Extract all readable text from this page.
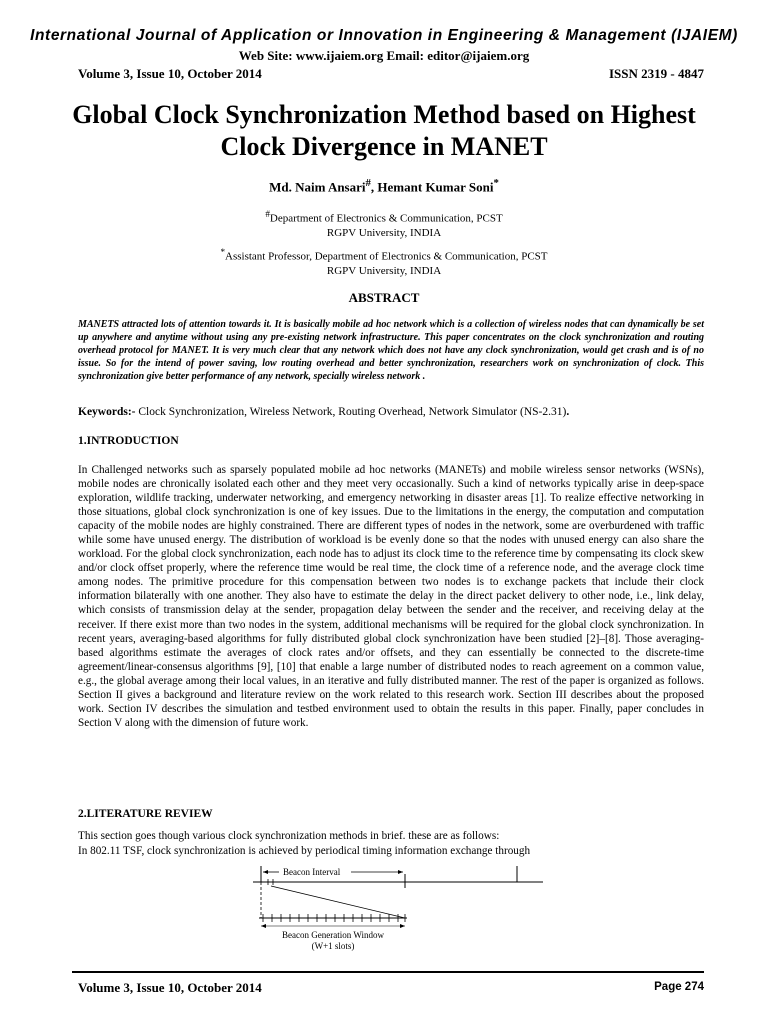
International Journal of Application or Innovation in Engineering & Management (IJAIEM)
Web Site: www.ijaiem.org Email: editor@ijaiem.org
Volume 3, Issue 10, October 2014	ISSN 2319 - 4847
Global Clock Synchronization Method based on Highest Clock Divergence in MANET
Md. Naim Ansari#, Hemant Kumar Soni*
#Department of Electronics & Communication, PCST
RGPV University, INDIA
*Assistant Professor, Department of Electronics & Communication, PCST
RGPV University, INDIA
ABSTRACT
MANETS attracted lots of attention towards it. It is basically mobile ad hoc network which is a collection of wireless nodes that can dynamically be set up anywhere and anytime without using any pre-existing network infrastructure. This paper concentrates on the clock synchronization and routing overhead protocol for MANET. It is very much clear that any network which does not have any clock synchronization, would get crash and is of no issue. So for the intend of power saving, low routing overhead and better synchronization, researchers work on synchronization of clock. This synchronization give better performance of any network, specially wireless network .
Keywords:- Clock Synchronization, Wireless Network, Routing Overhead, Network Simulator (NS-2.31).
1.INTRODUCTION
In Challenged networks such as sparsely populated mobile ad hoc networks (MANETs) and mobile wireless sensor networks (WSNs), mobile nodes are chronically isolated each other and they meet very occasionally. Such a kind of networks typically arise in deep-space exploration, wildlife tracking, underwater networking, and emergency networking in disaster areas [1]. To realize effective networking in those situations, global clock synchronization is one of key issues. Due to the limitations in the energy, the computation and computation capacity of the mobile nodes are highly constrained. There are different types of nodes in the network, some are overburdened with traffic while some have unused energy. The distribution of workload is be evenly done so that the nodes with unused energy can also share the workload. For the global clock synchronization, each node has to adjust its clock time to the reference time by compensating its clock skew and/or clock offset properly, where the reference time would be real time, the clock time of a reference node, and the average clock time among nodes. The primitive procedure for this compensation between two nodes is to exchange packets that include their clock information bilaterally with one another. They also have to estimate the delay in the direct packet delivery to other node, i.e., link delay, which consists of transmission delay at the sender, propagation delay between the sender and the receiver, and receiving delay at the receiver. If there exist more than two nodes in the system, additional mechanisms will be required for the global clock synchronization. In recent years, averaging-based algorithms for fully distributed global clock synchronization have been studied [2]–[8]. Those averaging-based algorithms estimate the averages of clock rates and/or offsets, and they can essentially be connected to the discrete-time agreement/linear-consensus algorithms [9], [10] that enable a large number of distributed nodes to reach agreement on a common value, e.g., the global average among their local values, in an iterative and fully distributed manner. The rest of the paper is organized as follows. Section II gives a background and literature review on the work related to this research work. Section III describes about the proposed work. Section IV describes the simulation and testbed environment used to obtain the results in this paper. Finally, paper concludes in Section V along with the dimension of future work.
2.LITERATURE REVIEW
This section goes though various clock synchronization methods in brief. these are as follows:
In 802.11 TSF, clock synchronization is achieved by periodical timing information exchange through
Beacon Interval
Beacon Generation Window
(W+1 slots)
Volume 3, Issue 10, October 2014	Page 274
